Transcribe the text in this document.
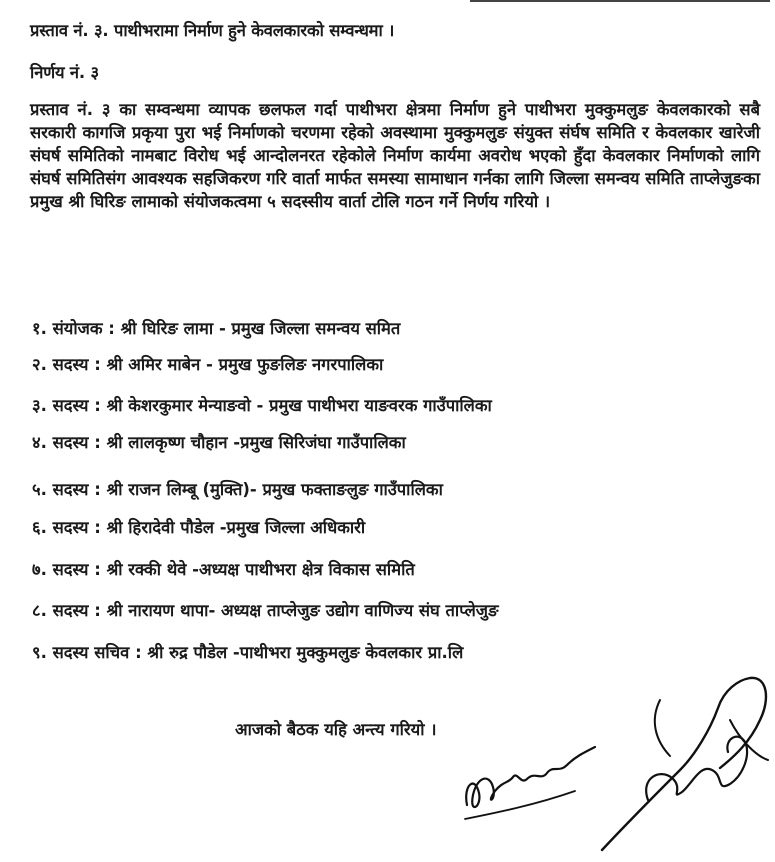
प्रस्ताव नं. ३. पाथीभरामा निर्माण हुने केवलकारको सम्वन्धमा ।
निर्णय नं. ३
प्रस्ताव नं. ३ का सम्वन्धमा व्यापक छलफल गर्दा पाथीभरा क्षेत्रमा निर्माण हुने पाथीभरा मुक्कुमलुङ केवलकारको सबै सरकारी कागजि प्रकृया पुरा भई निर्माणको चरणमा रहेको अवस्थामा मुक्कुमलुङ संयुक्त संर्घष समिति र केवलकार खारेजी संघर्ष समितिको नामबाट विरोध भई आन्दोलनरत रहेकोले निर्माण कार्यमा अवरोध भएको हुँदा केवलकार निर्माणको लागि संघर्ष समितिसंग आवश्यक सहजिकरण गरि वार्ता मार्फत समस्या सामाधान गर्नका लागि जिल्ला समन्वय समिति ताप्लेजुङका प्रमुख श्री घिरिङ लामाको संयोजकत्वमा ५ सदस्सीय वार्ता टोलि गठन गर्ने निर्णय गरियो ।
१. संयोजक : श्री घिरिङ लामा - प्रमुख जिल्ला समन्वय समित
२. सदस्य : श्री अमिर माबेन - प्रमुख फुङलिङ नगरपालिका
३. सदस्य : श्री केशरकुमार मेन्याङवो - प्रमुख पाथीभरा याङवरक गाउँपालिका
४. सदस्य : श्री लालकृष्ण चौहान -प्रमुख सिरिजंघा गाउँपालिका
५. सदस्य : श्री राजन लिम्बू (मुक्ति)- प्रमुख फक्ताङलुङ गाउँपालिका
६. सदस्य : श्री हिरादेवी पौडेल -प्रमुख जिल्ला अधिकारी
७. सदस्य : श्री रक्की थेवे -अध्यक्ष पाथीभरा क्षेत्र विकास समिति
८. सदस्य : श्री नारायण थापा- अध्यक्ष ताप्लेजुङ उद्योग वाणिज्य संघ ताप्लेजुङ
९. सदस्य सचिव : श्री रुद्र पौडेल -पाथीभरा मुक्कुमलुङ केवलकार प्रा.लि
आजको बैठक यहि अन्त्य गरियो ।
